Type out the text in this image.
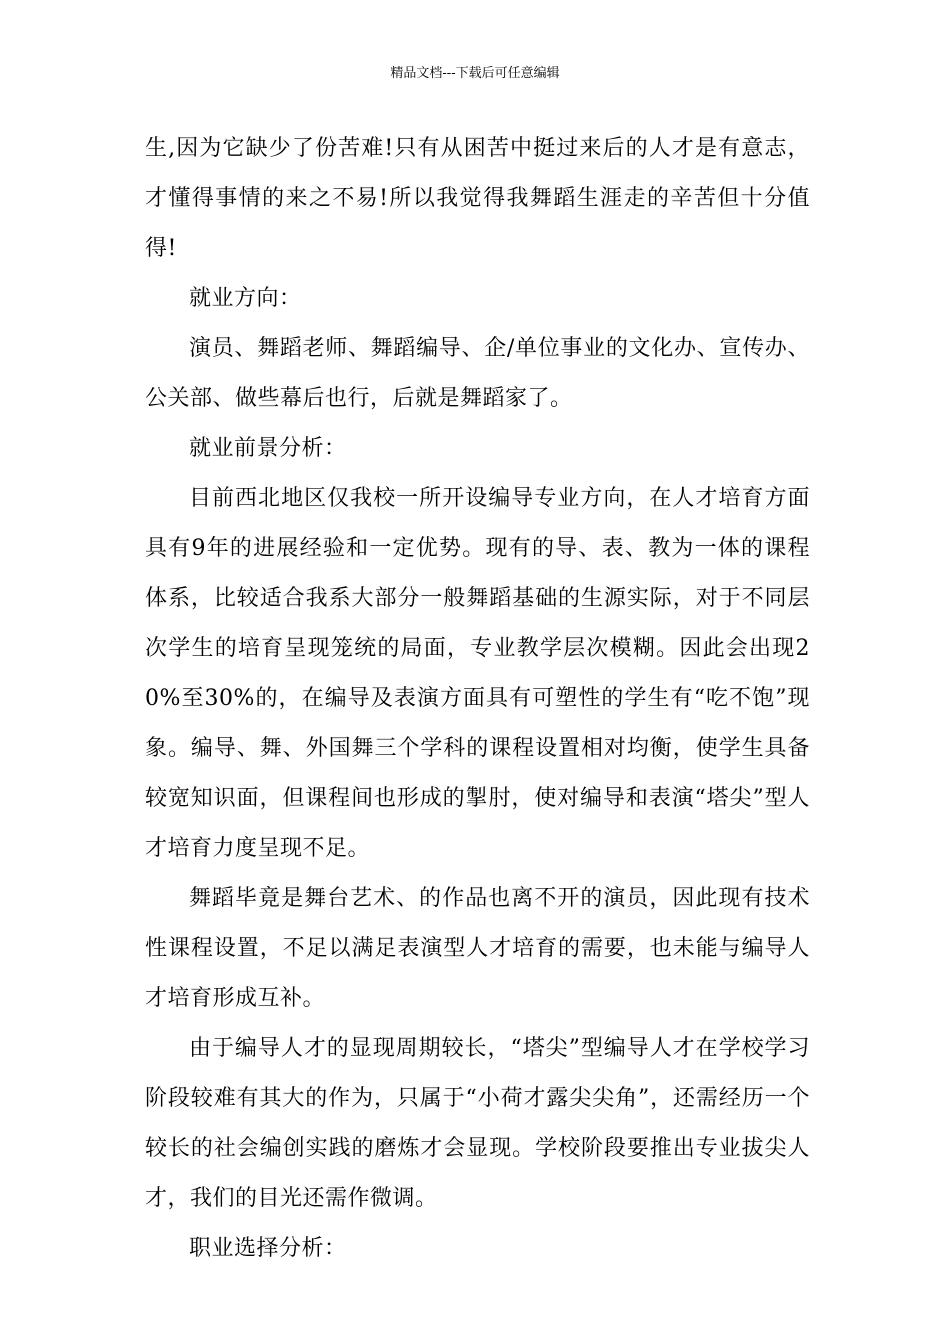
精品文档---下载后可任意编辑

生,因为它缺少了份苦难!只有从困苦中挺过来后的人才是有意志，才懂得事情的来之不易!所以我觉得我舞蹈生涯走的辛苦但十分值得!

就业方向：

演员、舞蹈老师、舞蹈编导、企/单位事业的文化办、宣传办、公关部、做些幕后也行，后就是舞蹈家了。

就业前景分析：

目前西北地区仅我校一所开设编导专业方向，在人才培育方面具有9年的进展经验和一定优势。现有的导、表、教为一体的课程体系，比较适合我系大部分一般舞蹈基础的生源实际，对于不同层次学生的培育呈现笼统的局面，专业教学层次模糊。因此会出现20%至30%的，在编导及表演方面具有可塑性的学生有“吃不饱”现象。编导、舞、外国舞三个学科的课程设置相对均衡，使学生具备较宽知识面，但课程间也形成的掣肘，使对编导和表演“塔尖”型人才培育力度呈现不足。

舞蹈毕竟是舞台艺术、的作品也离不开的演员，因此现有技术性课程设置，不足以满足表演型人才培育的需要，也未能与编导人才培育形成互补。

由于编导人才的显现周期较长，“塔尖”型编导人才在学校学习阶段较难有其大的作为，只属于“小荷才露尖尖角”，还需经历一个较长的社会编创实践的磨炼才会显现。学校阶段要推出专业拔尖人才，我们的目光还需作微调。

职业选择分析：
